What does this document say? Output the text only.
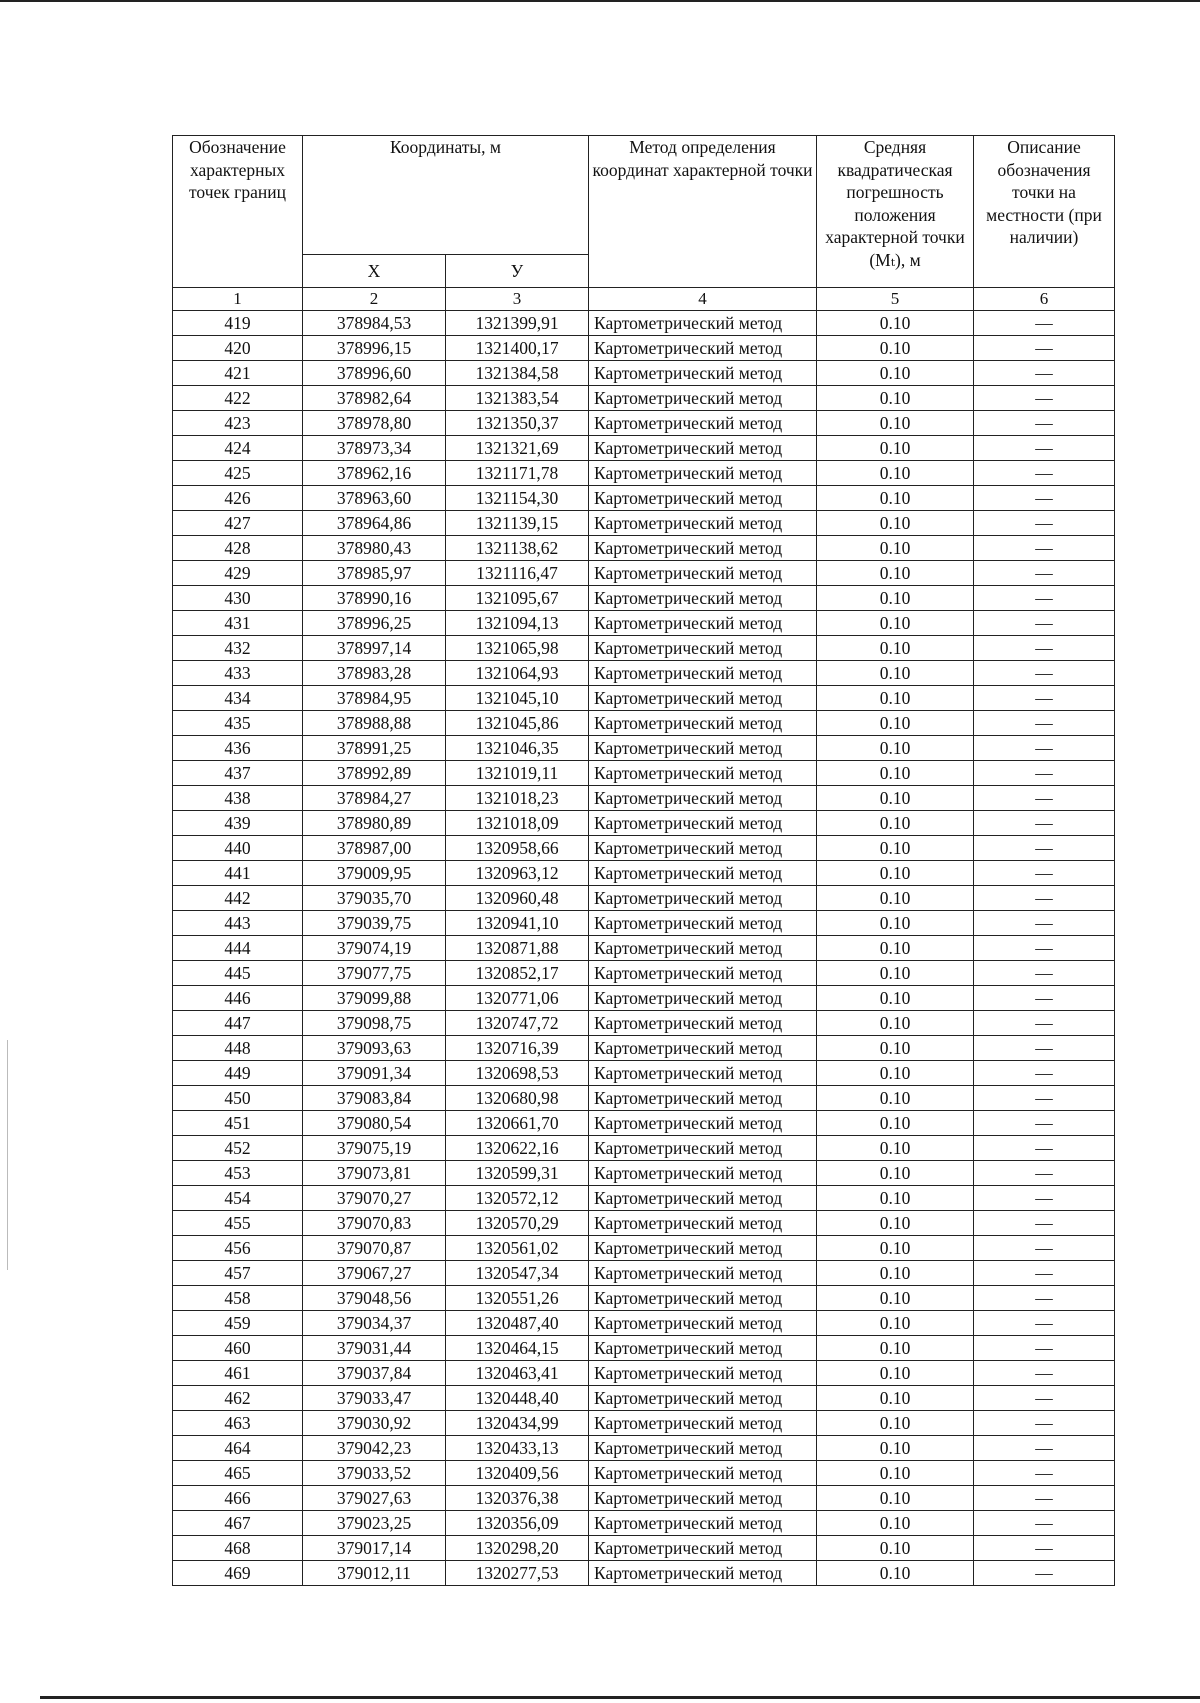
Обозначение характерных точек границ	Координаты, м		Метод определения координат характерной точки	Средняя квадратическая погрешность положения характерной точки (Mₜ), м	Описание обозначения точки на местности (при наличии)
	X	У			
1	2	3	4	5	6
419	378984,53	1321399,91	Картометрический метод	0.10	—
420	378996,15	1321400,17	Картометрический метод	0.10	—
421	378996,60	1321384,58	Картометрический метод	0.10	—
422	378982,64	1321383,54	Картометрический метод	0.10	—
423	378978,80	1321350,37	Картометрический метод	0.10	—
424	378973,34	1321321,69	Картометрический метод	0.10	—
425	378962,16	1321171,78	Картометрический метод	0.10	—
426	378963,60	1321154,30	Картометрический метод	0.10	—
427	378964,86	1321139,15	Картометрический метод	0.10	—
428	378980,43	1321138,62	Картометрический метод	0.10	—
429	378985,97	1321116,47	Картометрический метод	0.10	—
430	378990,16	1321095,67	Картометрический метод	0.10	—
431	378996,25	1321094,13	Картометрический метод	0.10	—
432	378997,14	1321065,98	Картометрический метод	0.10	—
433	378983,28	1321064,93	Картометрический метод	0.10	—
434	378984,95	1321045,10	Картометрический метод	0.10	—
435	378988,88	1321045,86	Картометрический метод	0.10	—
436	378991,25	1321046,35	Картометрический метод	0.10	—
437	378992,89	1321019,11	Картометрический метод	0.10	—
438	378984,27	1321018,23	Картометрический метод	0.10	—
439	378980,89	1321018,09	Картометрический метод	0.10	—
440	378987,00	1320958,66	Картометрический метод	0.10	—
441	379009,95	1320963,12	Картометрический метод	0.10	—
442	379035,70	1320960,48	Картометрический метод	0.10	—
443	379039,75	1320941,10	Картометрический метод	0.10	—
444	379074,19	1320871,88	Картометрический метод	0.10	—
445	379077,75	1320852,17	Картометрический метод	0.10	—
446	379099,88	1320771,06	Картометрический метод	0.10	—
447	379098,75	1320747,72	Картометрический метод	0.10	—
448	379093,63	1320716,39	Картометрический метод	0.10	—
449	379091,34	1320698,53	Картометрический метод	0.10	—
450	379083,84	1320680,98	Картометрический метод	0.10	—
451	379080,54	1320661,70	Картометрический метод	0.10	—
452	379075,19	1320622,16	Картометрический метод	0.10	—
453	379073,81	1320599,31	Картометрический метод	0.10	—
454	379070,27	1320572,12	Картометрический метод	0.10	—
455	379070,83	1320570,29	Картометрический метод	0.10	—
456	379070,87	1320561,02	Картометрический метод	0.10	—
457	379067,27	1320547,34	Картометрический метод	0.10	—
458	379048,56	1320551,26	Картометрический метод	0.10	—
459	379034,37	1320487,40	Картометрический метод	0.10	—
460	379031,44	1320464,15	Картометрический метод	0.10	—
461	379037,84	1320463,41	Картометрический метод	0.10	—
462	379033,47	1320448,40	Картометрический метод	0.10	—
463	379030,92	1320434,99	Картометрический метод	0.10	—
464	379042,23	1320433,13	Картометрический метод	0.10	—
465	379033,52	1320409,56	Картометрический метод	0.10	—
466	379027,63	1320376,38	Картометрический метод	0.10	—
467	379023,25	1320356,09	Картометрический метод	0.10	—
468	379017,14	1320298,20	Картометрический метод	0.10	—
469	379012,11	1320277,53	Картометрический метод	0.10	—
